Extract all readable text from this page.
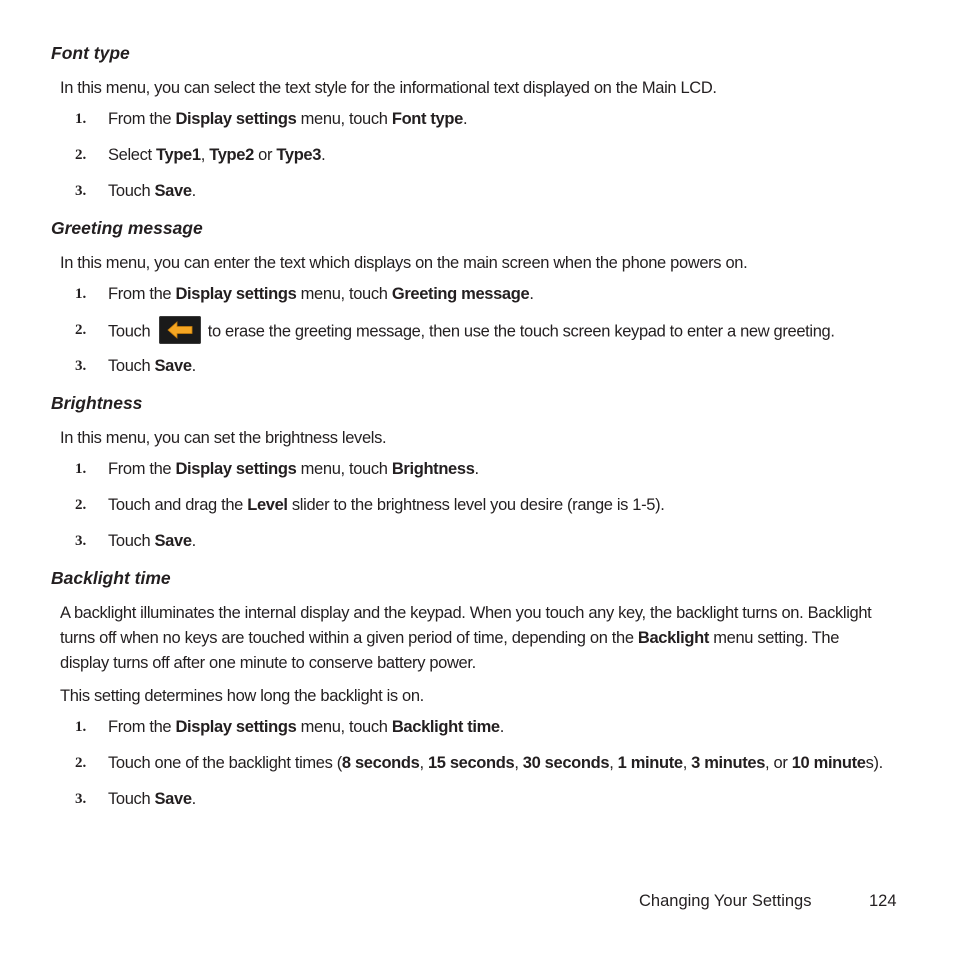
Font type

In this menu, you can select the text style for the informational text displayed on the Main LCD.

1. From the Display settings menu, touch Font type.
2. Select Type1, Type2 or Type3.
3. Touch Save.
Greeting message

In this menu, you can enter the text which displays on the main screen when the phone powers on.

1. From the Display settings menu, touch Greeting message.
2. Touch	to erase the greeting message, then use the touch screen keypad to enter a new greeting.
3. Touch Save.
Brightness

In this menu, you can set the brightness levels.

1. From the Display settings menu, touch Brightness.
2. Touch and drag the Level slider to the brightness level you desire (range is 1-5).
3. Touch Save.
Backlight time

A backlight illuminates the internal display and the keypad. When you touch any key, the backlight turns on. Backlight
turns off when no keys are touched within a given period of time, depending on the Backlight menu setting. The
display turns off after one minute to conserve battery power.

This setting determines how long the backlight is on.

1. From the Display settings menu, touch Backlight time.
2. Touch one of the backlight times (8 seconds, 15 seconds, 30 seconds, 1 minute, 3 minutes, or 10 minutes).
3. Touch Save.
Changing Your Settings	124
